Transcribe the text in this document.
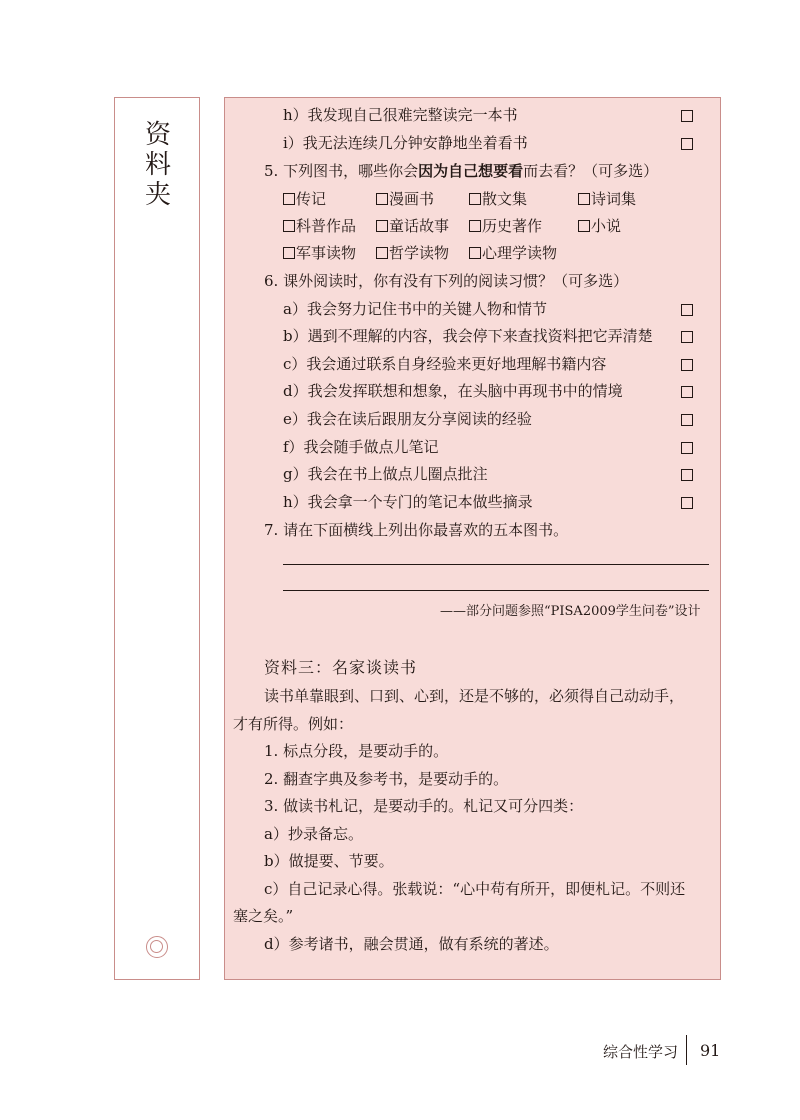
资
料
夹
h）我发现自己很难完整读完一本书
i）我无法连续几分钟安静地坐着看书
5. 下列图书，哪些你会因为自己想要看而去看？（可多选）
传记	漫画书	散文集	诗词集
科普作品	童话故事	历史著作	小说
军事读物	哲学读物	心理学读物
6. 课外阅读时，你有没有下列的阅读习惯？（可多选）
a）我会努力记住书中的关键人物和情节
b）遇到不理解的内容，我会停下来查找资料把它弄清楚
c）我会通过联系自身经验来更好地理解书籍内容
d）我会发挥联想和想象，在头脑中再现书中的情境
e）我会在读后跟朋友分享阅读的经验
f）我会随手做点儿笔记
g）我会在书上做点儿圈点批注
h）我会拿一个专门的笔记本做些摘录
7. 请在下面横线上列出你最喜欢的五本图书。
——部分问题参照“PISA2009学生问卷”设计
资料三：名家谈读书
读书单靠眼到、口到、心到，还是不够的，必须得自己动动手，
才有所得。例如：
1. 标点分段，是要动手的。
2. 翻查字典及参考书，是要动手的。
3. 做读书札记，是要动手的。札记又可分四类：
a）抄录备忘。
b）做提要、节要。
c）自己记录心得。张载说：“心中苟有所开，即便札记。不则还
塞之矣。”
d）参考诸书，融会贯通，做有系统的著述。
综合性学习 91
